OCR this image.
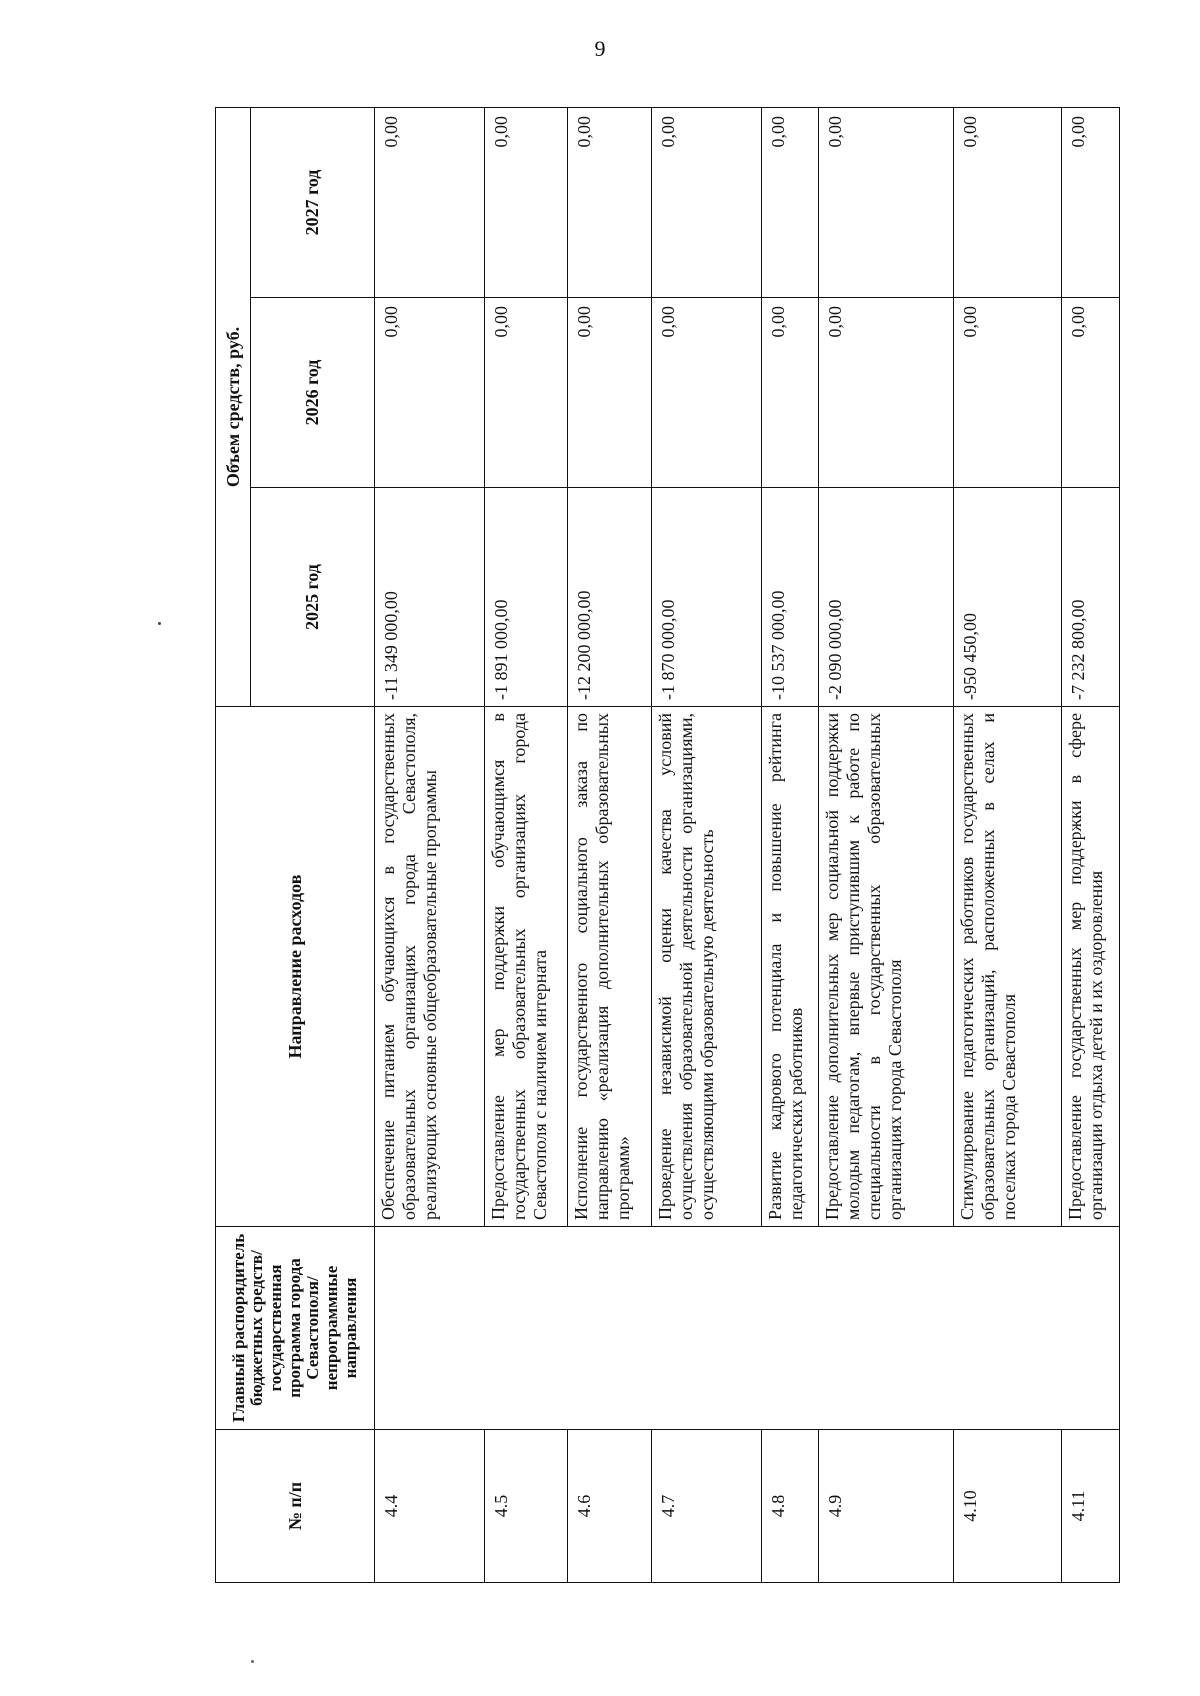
9
№ п/п	Главный распорядитель бюджетных средств/государственная программа города Севастополя/непрограммные направления	Направление расходов	Объем средств, руб.		
			2025 год	2026 год	2027 год
4.4		Обеспечение питанием обучающихся в государственных образовательных организациях города Севастополя, реализующих основные общеобразовательные программы	-11 349 000,00	0,00	0,00
4.5		Предоставление мер поддержки обучающимся в государственных образовательных организациях города Севастополя с наличием интерната	-1 891 000,00	0,00	0,00
4.6		Исполнение государственного социального заказа по направлению «реализация дополнительных образовательных программ»	-12 200 000,00	0,00	0,00
4.7		Проведение независимой оценки качества условий осуществления образовательной деятельности организациями, осуществляющими образовательную деятельность	-1 870 000,00	0,00	0,00
4.8		Развитие кадрового потенциала и повышение рейтинга педагогических работников	-10 537 000,00	0,00	0,00
4.9		Предоставление дополнительных мер социальной поддержки молодым педагогам, впервые приступившим к работе по специальности в государственных образовательных организациях города Севастополя	-2 090 000,00	0,00	0,00
4.10		Стимулирование педагогических работников государственных образовательных организаций, расположенных в селах и поселках города Севастополя	-950 450,00	0,00	0,00
4.11		Предоставление государственных мер поддержки в сфере организации отдыха детей и их оздоровления	-7 232 800,00	0,00	0,00
